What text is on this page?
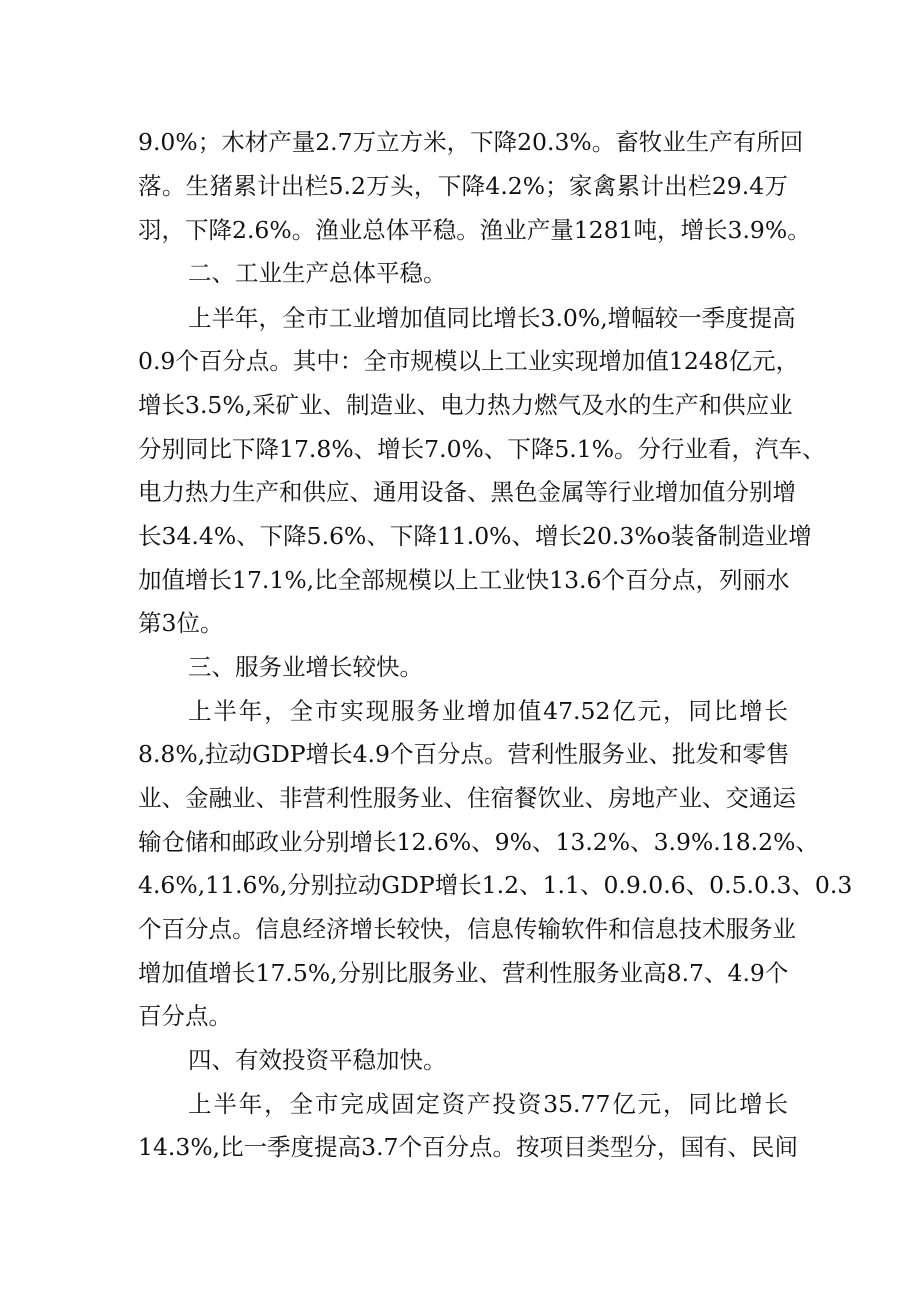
9.0%；木材产量2.7万立方米，下降20.3%。畜牧业生产有所回

落。生猪累计出栏5.2万头，下降4.2%；家禽累计出栏29.4万

羽，下降2.6%。渔业总体平稳。渔业产量1281吨，增长3.9%。

二、工业生产总体平稳。

上半年，全市工业增加值同比增长3.0%,增幅较一季度提高

0.9个百分点。其中：全市规模以上工业实现增加值1248亿元，

增长3.5%,采矿业、制造业、电力热力燃气及水的生产和供应业

分别同比下降17.8%、增长7.0%、下降5.1%。分行业看，汽车、

电力热力生产和供应、通用设备、黑色金属等行业增加值分别增

长34.4%、下降5.6%、下降11.0%、增长20.3%o装备制造业增

加值增长17.1%,比全部规模以上工业快13.6个百分点，列丽水

第3位。

三、服务业增长较快。

上半年，全市实现服务业增加值47.52亿元，同比增长

8.8%,拉动GDP增长4.9个百分点。营利性服务业、批发和零售

业、金融业、非营利性服务业、住宿餐饮业、房地产业、交通运

输仓储和邮政业分别增长12.6%、9%、13.2%、3.9%.18.2%、

4.6%,11.6%,分别拉动GDP增长1.2、1.1、0.9.0.6、0.5.0.3、0.3

个百分点。信息经济增长较快，信息传输软件和信息技术服务业

增加值增长17.5%,分别比服务业、营利性服务业高8.7、4.9个

百分点。

四、有效投资平稳加快。

上半年，全市完成固定资产投资35.77亿元，同比增长

14.3%,比一季度提高3.7个百分点。按项目类型分，国有、民间
